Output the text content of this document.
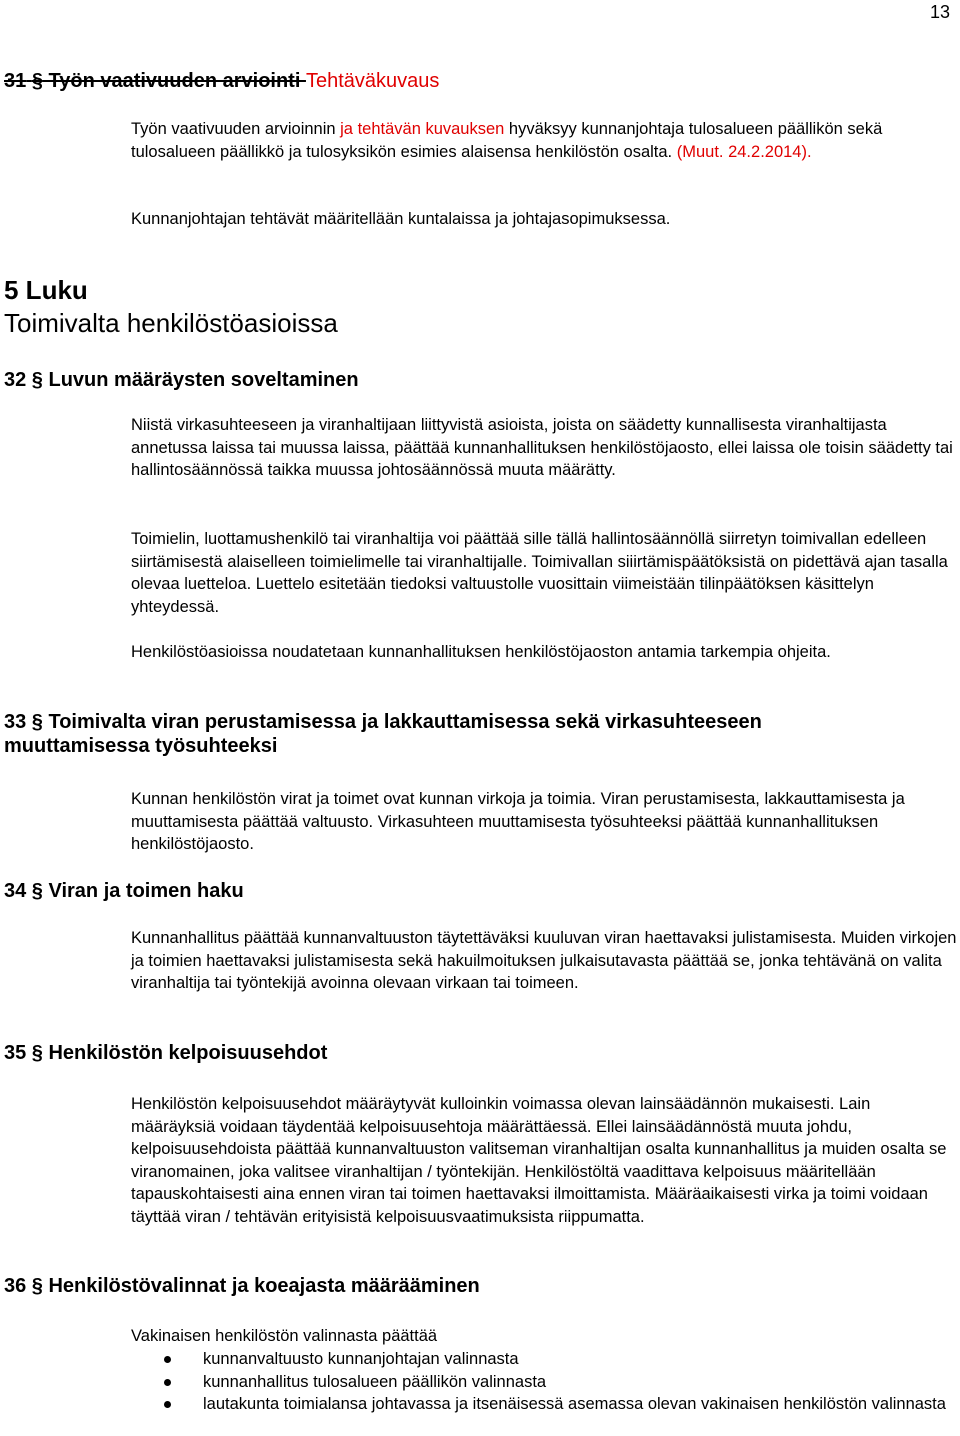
13
31 § Työn vaativuuden arviointi Tehtäväkuvaus
Työn vaativuuden arvioinnin ja tehtävän kuvauksen hyväksyy kunnanjohtaja tulosalueen päällikön sekä tulosalueen päällikkö ja tulosyksikön esimies alaisensa henkilöstön osalta. (Muut. 24.2.2014).
Kunnanjohtajan tehtävät määritellään kuntalaissa ja johtajasopimuksessa.
5 Luku
Toimivalta henkilöstöasioissa
32 § Luvun määräysten soveltaminen
Niistä virkasuhteeseen ja viranhaltijaan liittyvistä asioista, joista on säädetty kunnallisesta viranhaltijasta annetussa laissa tai muussa laissa, päättää kunnanhallituksen henkilöstöjaosto, ellei laissa ole toisin säädetty tai hallintosäännössä taikka muussa johtosäännössä muuta määrätty.
Toimielin, luottamushenkilö tai viranhaltija voi päättää sille tällä hallintosäännöllä siirretyn toimivallan edelleen siirtämisestä alaiselleen toimielimelle tai viranhaltijalle. Toimivallan siiirtämispäätöksistä on pidettävä ajan tasalla olevaa luetteloa. Luettelo esitetään tiedoksi valtuustolle vuosittain viimeistään tilinpäätöksen käsittelyn yhteydessä.
Henkilöstöasioissa noudatetaan kunnanhallituksen henkilöstöjaoston antamia tarkempia ohjeita.
33 § Toimivalta viran perustamisessa ja lakkauttamisessa sekä virkasuhteeseen muuttamisessa työsuhteeksi
Kunnan henkilöstön virat ja toimet ovat kunnan virkoja ja toimia. Viran perustamisesta, lakkauttamisesta ja muuttamisesta päättää valtuusto. Virkasuhteen muuttamisesta työsuhteeksi päättää kunnanhallituksen henkilöstöjaosto.
34 § Viran ja toimen haku
Kunnanhallitus päättää kunnanvaltuuston täytettäväksi kuuluvan viran haettavaksi julistamisesta. Muiden virkojen ja toimien haettavaksi julistamisesta sekä hakuilmoituksen julkaisutavasta päättää se, jonka tehtävänä on valita viranhaltija tai työntekijä avoinna olevaan virkaan tai toimeen.
35 § Henkilöstön kelpoisuusehdot
Henkilöstön kelpoisuusehdot määräytyvät kulloinkin voimassa olevan lainsäädännön mukaisesti. Lain määräyksiä voidaan täydentää kelpoisuusehtoja määrättäessä. Ellei lainsäädännöstä muuta johdu, kelpoisuusehdoista päättää kunnanvaltuuston valitseman viranhaltijan osalta kunnanhallitus ja muiden osalta se viranomainen, joka valitsee viranhaltijan / työntekijän. Henkilöstöltä vaadittava kelpoisuus määritellään tapauskohtaisesti aina ennen viran tai toimen haettavaksi ilmoittamista. Määräaikaisesti virka ja toimi voidaan täyttää viran / tehtävän erityisistä kelpoisuusvaatimuksista riippumatta.
36 § Henkilöstövalinnat ja koeajasta määrääminen
Vakinaisen henkilöstön valinnasta päättää
kunnanvaltuusto kunnanjohtajan valinnasta
kunnanhallitus tulosalueen päällikön valinnasta
lautakunta toimialansa johtavassa ja itsenäisessä asemassa olevan vakinaisen henkilöstön valinnasta
